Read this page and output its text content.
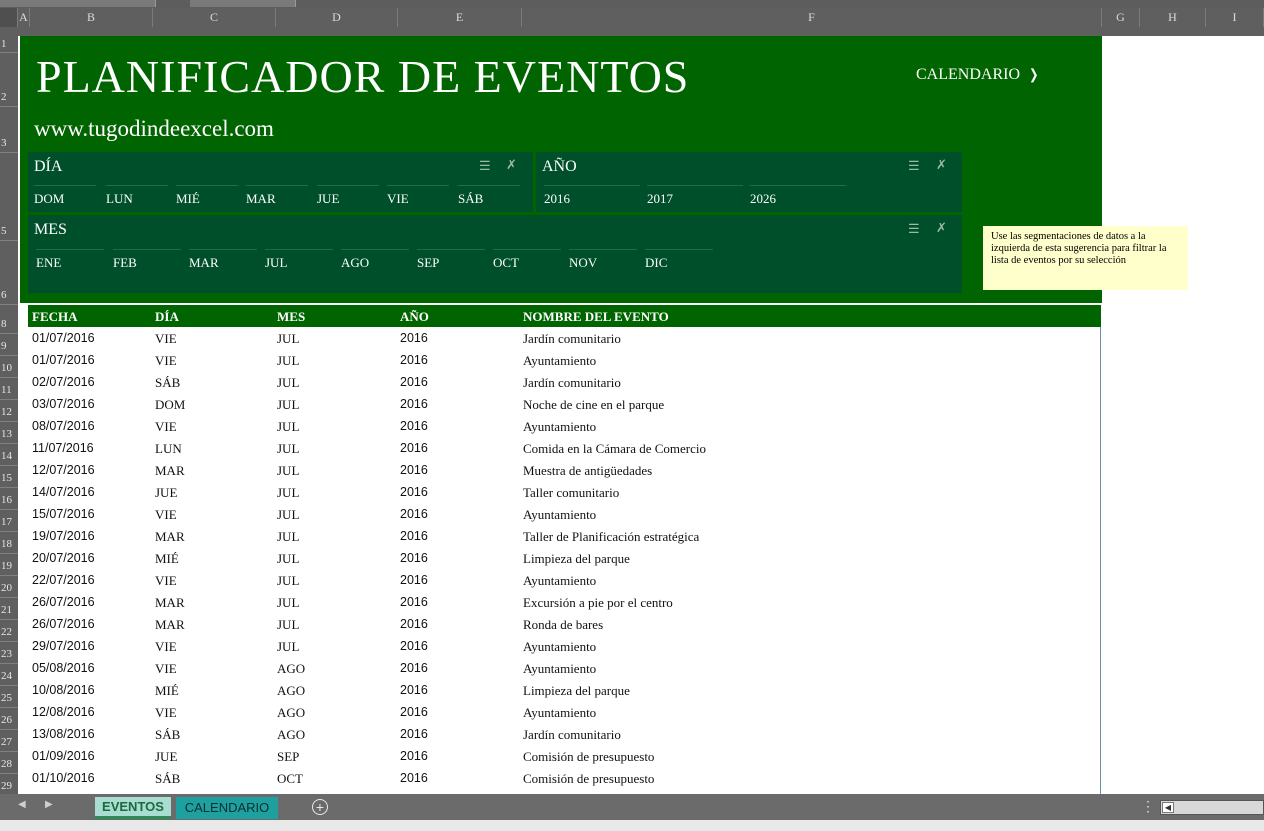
A	B	C	D	E	F	G	H	I
1
2
3
5
6
8
9
10
11
12
13
14
15
16
17
18
19
20
21
22
23
24
25
26
27
28
29
PLANIFICADOR DE EVENTOS
www.tugodindeexcel.com
CALENDARIO ❯
DÍA	☰ ✗
DOM	LUN	MIÉ	MAR	JUE	VIE	SÁB
AÑO	☰ ✗
2016	2017	2026
MES	☰ ✗
ENE	FEB	MAR	JUL	AGO	SEP	OCT	NOV	DIC
Use las segmentaciones de datos a la izquierda de esta sugerencia para filtrar la lista de eventos por su selección
FECHA	DÍA	MES	AÑO	NOMBRE DEL EVENTO
01/07/2016	VIE	JUL	2016	Jardín comunitario
01/07/2016	VIE	JUL	2016	Ayuntamiento
02/07/2016	SÁB	JUL	2016	Jardín comunitario
03/07/2016	DOM	JUL	2016	Noche de cine en el parque
08/07/2016	VIE	JUL	2016	Ayuntamiento
11/07/2016	LUN	JUL	2016	Comida en la Cámara de Comercio
12/07/2016	MAR	JUL	2016	Muestra de antigüedades
14/07/2016	JUE	JUL	2016	Taller comunitario
15/07/2016	VIE	JUL	2016	Ayuntamiento
19/07/2016	MAR	JUL	2016	Taller de Planificación estratégica
20/07/2016	MIÉ	JUL	2016	Limpieza del parque
22/07/2016	VIE	JUL	2016	Ayuntamiento
26/07/2016	MAR	JUL	2016	Excursión a pie por el centro
26/07/2016	MAR	JUL	2016	Ronda de bares
29/07/2016	VIE	JUL	2016	Ayuntamiento
05/08/2016	VIE	AGO	2016	Ayuntamiento
10/08/2016	MIÉ	AGO	2016	Limpieza del parque
12/08/2016	VIE	AGO	2016	Ayuntamiento
13/08/2016	SÁB	AGO	2016	Jardín comunitario
01/09/2016	JUE	SEP	2016	Comisión de presupuesto
01/10/2016	SÁB	OCT	2016	Comisión de presupuesto
◀ ▶	EVENTOS	CALENDARIO	+	⋮	◀
